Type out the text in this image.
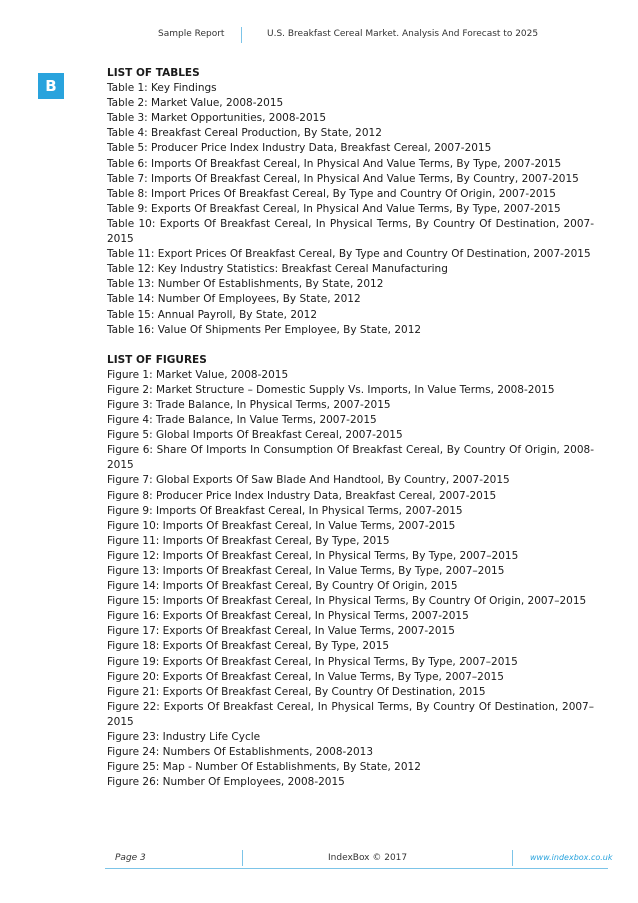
Sample Report	U.S. Breakfast Cereal Market. Analysis And Forecast to 2025
B
LIST OF TABLES
Table 1: Key Findings
Table 2: Market Value, 2008-2015
Table 3: Market Opportunities, 2008-2015
Table 4: Breakfast Cereal Production, By State, 2012
Table 5: Producer Price Index Industry Data, Breakfast Cereal, 2007-2015
Table 6: Imports Of Breakfast Cereal, In Physical And Value Terms, By Type, 2007-2015
Table 7: Imports Of Breakfast Cereal, In Physical And Value Terms, By Country, 2007-2015
Table 8: Import Prices Of Breakfast Cereal, By Type and Country Of Origin, 2007-2015
Table 9: Exports Of Breakfast Cereal, In Physical And Value Terms, By Type, 2007-2015
Table 10: Exports Of Breakfast Cereal, In Physical Terms, By Country Of Destination, 2007-2015
Table 11: Export Prices Of Breakfast Cereal, By Type and Country Of Destination, 2007-2015
Table 12: Key Industry Statistics: Breakfast Cereal Manufacturing
Table 13: Number Of Establishments, By State, 2012
Table 14: Number Of Employees, By State, 2012
Table 15: Annual Payroll, By State, 2012
Table 16: Value Of Shipments Per Employee, By State, 2012
LIST OF FIGURES
Figure 1: Market Value, 2008-2015
Figure 2: Market Structure – Domestic Supply Vs. Imports, In Value Terms, 2008-2015
Figure 3: Trade Balance, In Physical Terms, 2007-2015
Figure 4: Trade Balance, In Value Terms, 2007-2015
Figure 5: Global Imports Of Breakfast Cereal, 2007-2015
Figure 6: Share Of Imports In Consumption Of Breakfast Cereal, By Country Of Origin, 2008-2015
Figure 7: Global Exports Of Saw Blade And Handtool, By Country, 2007-2015
Figure 8: Producer Price Index Industry Data, Breakfast Cereal, 2007-2015
Figure 9: Imports Of Breakfast Cereal, In Physical Terms, 2007-2015
Figure 10: Imports Of Breakfast Cereal, In Value Terms, 2007-2015
Figure 11: Imports Of Breakfast Cereal, By Type, 2015
Figure 12: Imports Of Breakfast Cereal, In Physical Terms, By Type, 2007–2015
Figure 13: Imports Of Breakfast Cereal, In Value Terms, By Type, 2007–2015
Figure 14: Imports Of Breakfast Cereal, By Country Of Origin, 2015
Figure 15: Imports Of Breakfast Cereal, In Physical Terms, By Country Of Origin, 2007–2015
Figure 16: Exports Of Breakfast Cereal, In Physical Terms, 2007-2015
Figure 17: Exports Of Breakfast Cereal, In Value Terms, 2007-2015
Figure 18: Exports Of Breakfast Cereal, By Type, 2015
Figure 19: Exports Of Breakfast Cereal, In Physical Terms, By Type, 2007–2015
Figure 20: Exports Of Breakfast Cereal, In Value Terms, By Type, 2007–2015
Figure 21: Exports Of Breakfast Cereal, By Country Of Destination, 2015
Figure 22: Exports Of Breakfast Cereal, In Physical Terms, By Country Of Destination, 2007–2015
Figure 23: Industry Life Cycle
Figure 24: Numbers Of Establishments, 2008-2013
Figure 25: Map - Number Of Establishments, By State, 2012
Figure 26: Number Of Employees, 2008-2015
Page 3	IndexBox © 2017	www.indexbox.co.uk
